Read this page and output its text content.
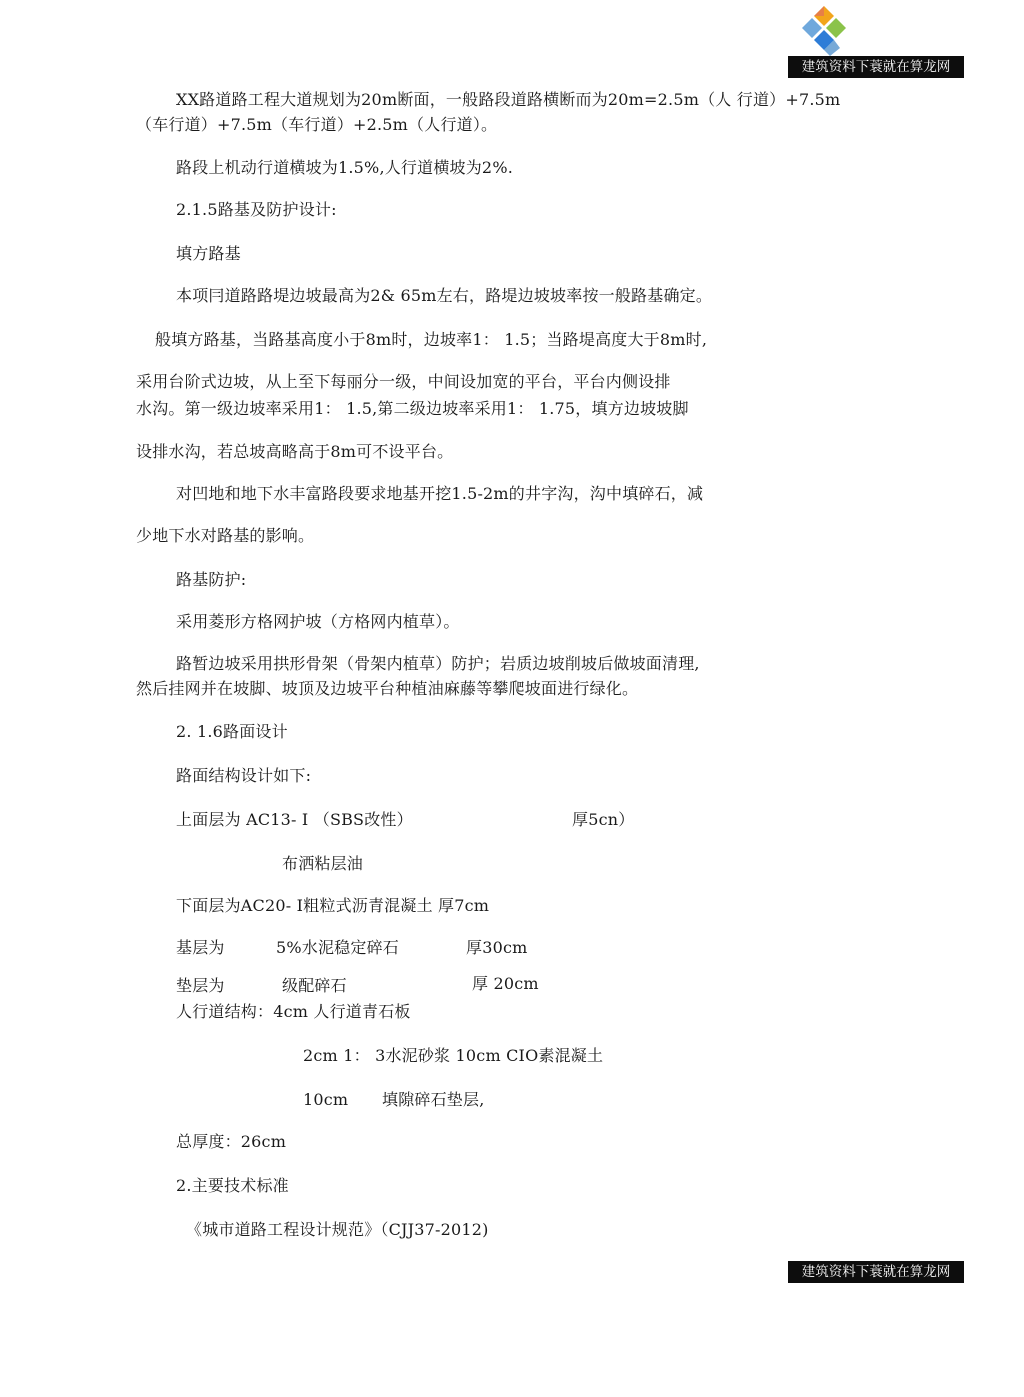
建筑资料下蓑就在算龙网

XX路道路工程大道规划为20m断面，一般路段道路横断而为20m=2.5m（人 行道）+7.5m

（车行道）+7.5m（车行道）+2.5m（人行道）。

路段上机动行道横坡为1.5%,人行道横坡为2%.

2.1.5路基及防护设计:

填方路基

本项冃道路路堤边坡最高为2& 65m左右，路堤边坡坡率按一般路基确定。

般填方路基，当路基高度小于8m时，边坡率1： 1.5；当路堤高度大于8m时,

采用台阶式边坡，从上至下每丽分一级，中间设加宽的平台，平台内侧设排

水沟。第一级边坡率采用1： 1.5,第二级边坡率采用1： 1.75，填方边坡坡脚

设排水沟，若总坡高略高于8m可不设平台。

对凹地和地下水丰富路段要求地基开挖1.5-2m的井字沟，沟中填碎石，减

少地下水对路基的影响。

路基防护:

采用菱形方格网护坡（方格网内植草）。

路暂边坡采用拱形骨架（骨架内植草）防护；岩质边坡削坡后做坡面清理,

然后挂网并在坡脚、坡顶及边坡平台种植油麻藤等攀爬坡面进行绿化。

2. 1.6路面设计

路面结构设计如下:

上面层为 AC13- I （SBS改性）	厚5cn）

布洒粘层油

下面层为AC20- I粗粒式沥青混凝土 厚7cm

基层为	5%水泥稳定碎石	厚30cm

垫层为	级配碎石	厚 20cm

人行道结构：4cm 人行道青石板

2cm 1： 3水泥砂浆 10cm CIO素混凝土

10cm 填隙碎石垫层,

总厚度：26cm

2.主要技术标准

《城市道路工程设计规范》（CJJ37-2012)

建筑资料下蓑就在算龙网
